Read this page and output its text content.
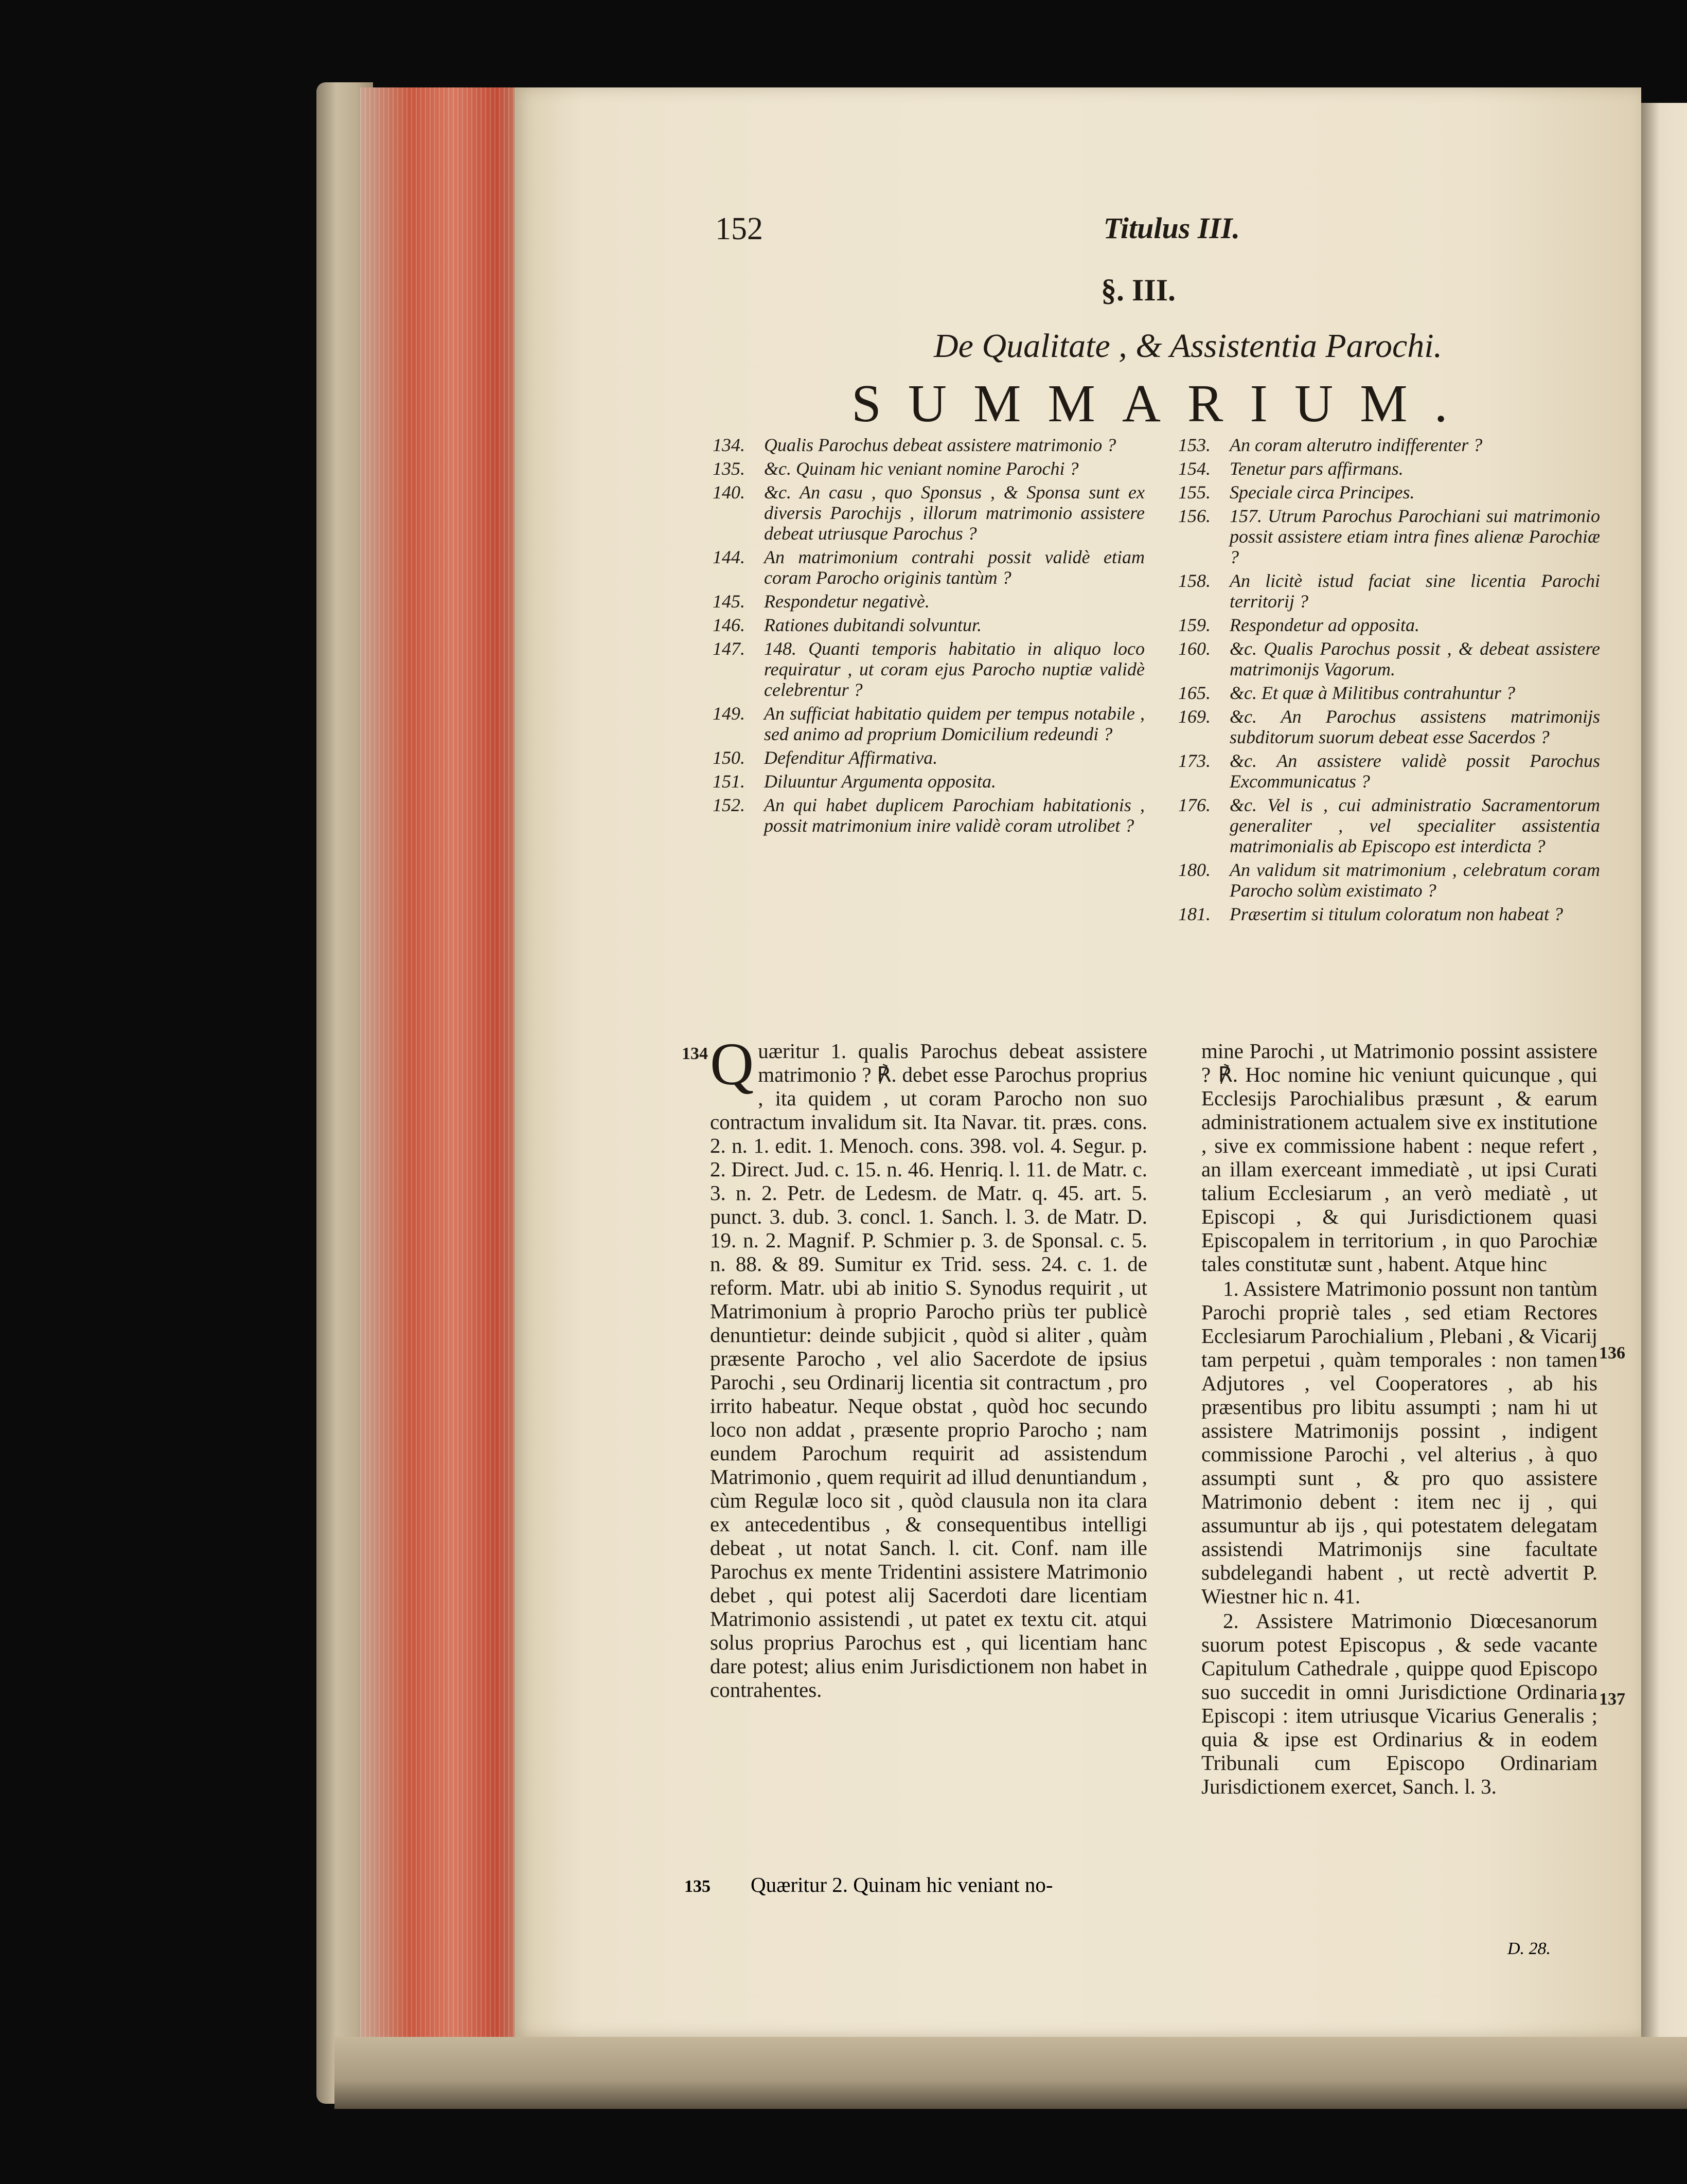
152	Titulus III.
§. III.
De Qualitate , & Assistentia Parochi.
SUMMARIUM.
134.	Qualis Parochus debeat assistere matrimonio ?
135.	&c. Quinam hic veniant nomine Parochi ?
140.	&c. An casu , quo Sponsus , & Sponsa sunt ex diversis Parochijs , illorum matrimonio assistere debeat utriusque Parochus ?
144.	An matrimonium contrahi possit validè etiam coram Parocho originis tantùm ?
145.	Respondetur negativè.
146.	Rationes dubitandi solvuntur.
147.	148. Quanti temporis habitatio in aliquo loco requiratur , ut coram ejus Parocho nuptiæ validè celebrentur ?
149.	An sufficiat habitatio quidem per tempus notabile , sed animo ad proprium Domicilium redeundi ?
150.	Defenditur Affirmativa.
151.	Diluuntur Argumenta opposita.
152.	An qui habet duplicem Parochiam habitationis , possit matrimonium inire validè coram utrolibet ?
153.	An coram alterutro indifferenter ?
154.	Tenetur pars affirmans.
155.	Speciale circa Principes.
156.	157. Utrum Parochus Parochiani sui matrimonio possit assistere etiam intra fines alienæ Parochiæ ?
158.	An licitè istud faciat sine licentia Parochi territorij ?
159.	Respondetur ad opposita.
160.	&c. Qualis Parochus possit , & debeat assistere matrimonijs Vagorum.
165.	&c. Et quæ à Militibus contrahuntur ?
169.	&c. An Parochus assistens matrimonijs subditorum suorum debeat esse Sacerdos ?
173.	&c. An assistere validè possit Parochus Excommunicatus ?
176.	&c. Vel is , cui administratio Sacramentorum generaliter , vel specialiter assistentia matrimonialis ab Episcopo est interdicta ?
180.	An validum sit matrimonium , celebratum coram Parocho solùm existimato ?
181.	Præsertim si titulum coloratum non habeat ?
134 Q uæritur 1. qualis Parochus debeat assistere matrimonio ? ℟. debet esse Parochus proprius , ita quidem , ut coram Parocho non suo contractum invalidum sit. Ita Navar. tit. præs. cons. 2. n. 1. edit. 1. Menoch. cons. 398. vol. 4. Segur. p. 2. Direct. Jud. c. 15. n. 46. Henriq. l. 11. de Matr. c. 3. n. 2. Petr. de Ledesm. de Matr. q. 45. art. 5. punct. 3. dub. 3. concl. 1. Sanch. l. 3. de Matr. D. 19. n. 2. Magnif. P. Schmier p. 3. de Sponsal. c. 5. n. 88. & 89. Sumitur ex Trid. sess. 24. c. 1. de reform. Matr. ubi ab initio S. Synodus requirit , ut Matrimonium à proprio Parocho priùs ter publicè denuntietur: deinde subjicit , quòd si aliter , quàm præsente Parocho , vel alio Sacerdote de ipsius Parochi , seu Ordinarij licentia sit contractum , pro irrito habeatur. Neque obstat , quòd hoc secundo loco non addat , præsente proprio Parocho ; nam eundem Parochum requirit ad assistendum Matrimonio , quem requirit ad illud denuntiandum , cùm Regulæ loco sit , quòd clausula non ita clara ex antecedentibus , & consequentibus intelligi debeat , ut notat Sanch. l. cit. Conf. nam ille Parochus ex mente Tridentini assistere Matrimonio debet , qui potest alij Sacerdoti dare licentiam Matrimonio assistendi , ut patet ex textu cit. atqui solus proprius Parochus est , qui licentiam hanc dare potest; alius enim Jurisdictionem non habet in contrahentes.

135 Quæritur 2. Quinam hic veniant no-

mine Parochi , ut Matrimonio possint assistere ? ℟. Hoc nomine hic veniunt quicunque , qui Ecclesijs Parochialibus præsunt , & earum administrationem actualem sive ex institutione , sive ex commissione habent : neque refert , an illam exerceant immediatè , ut ipsi Curati talium Ecclesiarum , an verò mediatè , ut Episcopi , & qui Jurisdictionem quasi Episcopalem in territorium , in quo Parochiæ tales constitutæ sunt , habent. Atque hinc

1. Assistere Matrimonio possunt non tantùm Parochi propriè tales , sed etiam Rectores Ecclesiarum Parochialium , Plebani , & Vicarij tam perpetui , quàm temporales : non tamen Adjutores , vel Cooperatores , ab his præsentibus pro libitu assumpti ; nam hi ut assistere Matrimonijs possint , indigent commissione Parochi , vel alterius , à quo assumpti sunt , & pro quo assistere Matrimonio debent : item nec ij , qui assumuntur ab ijs , qui potestatem delegatam assistendi Matrimonijs sine facultate subdelegandi habent , ut rectè advertit P. Wiestner hic n. 41.

2. Assistere Matrimonio Diœcesanorum suorum potest Episcopus , & sede vacante Capitulum Cathedrale , quippe quod Episcopo suo succedit in omni Jurisdictione Ordinaria Episcopi : item utriusque Vicarius Generalis ; quia & ipse est Ordinarius & in eodem Tribunali cum Episcopo Ordinariam Jurisdictionem exercet, Sanch. l. 3.

136
137
D. 28.
